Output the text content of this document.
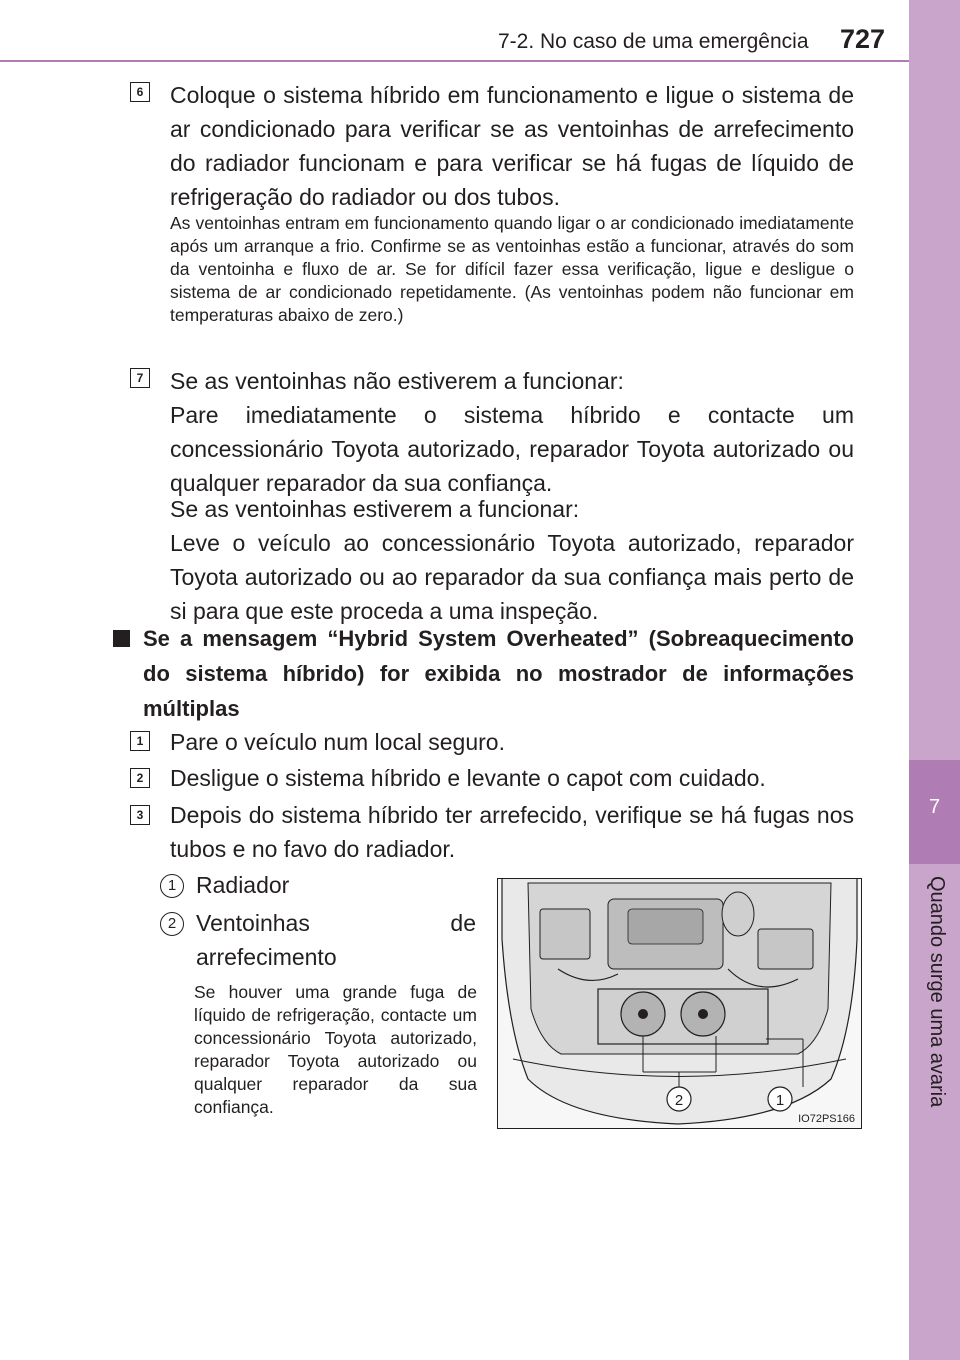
7
Quando surge uma avaria
7-2. No caso de uma emergência 727
6 Coloque o sistema híbrido em funcionamento e ligue o sistema de ar condicionado para verificar se as ventoinhas de arrefecimento do radiador funcionam e para verificar se há fugas de líquido de refrigeração do radiador ou dos tubos.

As ventoinhas entram em funcionamento quando ligar o ar condicionado imediatamente após um arranque a frio. Confirme se as ventoinhas estão a funcionar, através do som da ventoinha e fluxo de ar. Se for difícil fazer essa verificação, ligue e desligue o sistema de ar condicionado repetidamente. (As ventoinhas podem não funcionar em temperaturas abaixo de zero.)

7 Se as ventoinhas não estiverem a funcionar:

Pare imediatamente o sistema híbrido e contacte um concessionário Toyota autorizado, reparador Toyota autorizado ou qualquer reparador da sua confiança.

Se as ventoinhas estiverem a funcionar:

Leve o veículo ao concessionário Toyota autorizado, reparador Toyota autorizado ou ao reparador da sua confiança mais perto de si para que este proceda a uma inspeção.

Se a mensagem “Hybrid System Overheated” (Sobreaquecimento do sistema híbrido) for exibida no mostrador de informações múltiplas

1 Pare o veículo num local seguro.

2 Desligue o sistema híbrido e levante o capot com cuidado.

3 Depois do sistema híbrido ter arrefecido, verifique se há fugas nos tubos e no favo do radiador.

1 Radiador

2 Ventoinhas de arrefecimento

Se houver uma grande fuga de líquido de refrigeração, contacte um concessionário Toyota autorizado, reparador Toyota autorizado ou qualquer reparador da sua confiança.	2	1
IO72PS166
